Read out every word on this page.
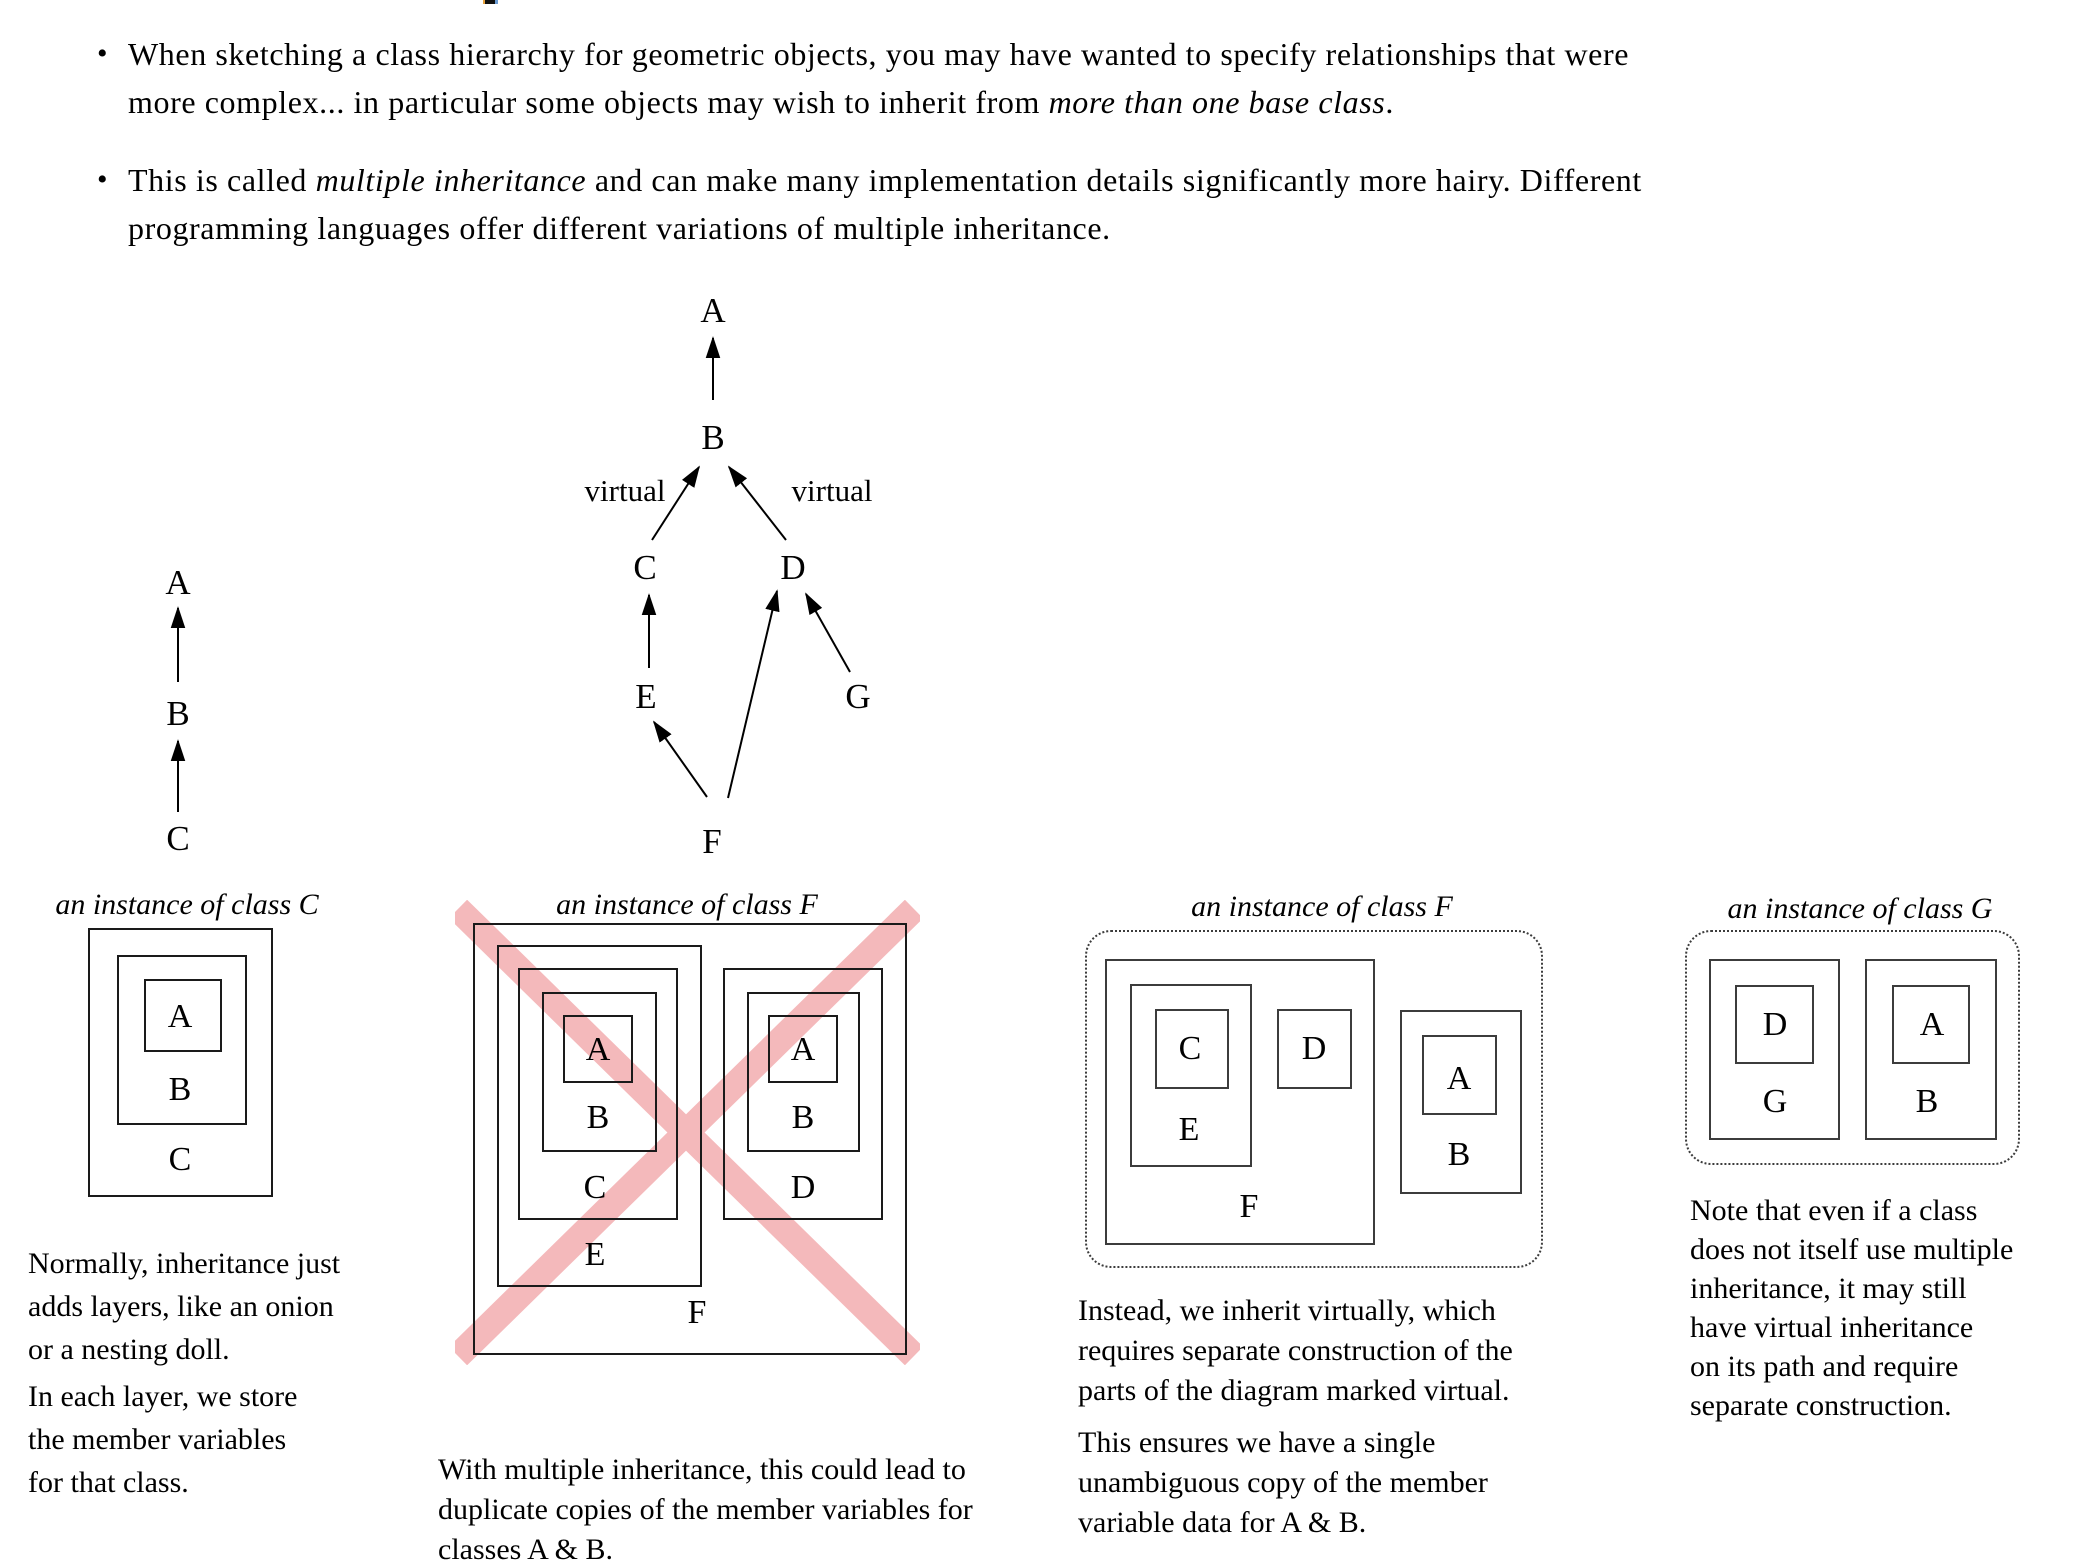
• When sketching a class hierarchy for geometric objects, you may have wanted to specify relationships that were
more complex... in particular some objects may wish to inherit from more than one base class.
• This is called multiple inheritance and can make many implementation details significantly more hairy. Different
programming languages offer different variations of multiple inheritance.
A
B
C
A
B
virtual	virtual
C	D
E	G
F
an instance of class C
A
B
C
an instance of class F
A
B
C
E
A
B
D
F
an instance of class F
C	D
E
F
A
B
an instance of class G
D
G
A
B
Normally, inheritance just
adds layers, like an onion
or a nesting doll.
In each layer, we store
the member variables
for that class.	With multiple inheritance, this could lead to
duplicate copies of the member variables for
classes A & B.
Instead, we inherit virtually, which
requires separate construction of the
parts of the diagram marked virtual.
This ensures we have a single
unambiguous copy of the member
variable data for A & B.
Note that even if a class
does not itself use multiple
inheritance, it may still
have virtual inheritance
on its path and require
separate construction.
